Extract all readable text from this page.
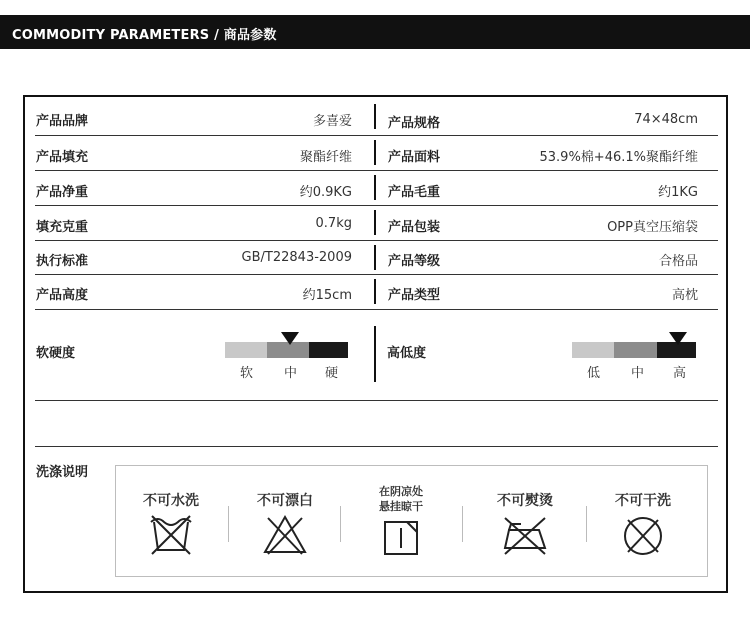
COMMODITY PARAMETERS / 商品参数
产品品牌	多喜爱
产品填充	聚酯纤维
产品净重	约0.9KG
填充克重	0.7kg
执行标准	GB/T22843-2009
产品高度	约15cm
产品规格	74×48cm
产品面料	53.9%棉+46.1%聚酯纤维
产品毛重	约1KG
产品包装	OPP真空压缩袋
产品等级	合格品
产品类型	高枕
软硬度
软 中 硬
高低度
低 中 高
洗涤说明
不可水洗	不可漂白
在阴凉处
悬挂晾干	不可熨烫	不可干洗
